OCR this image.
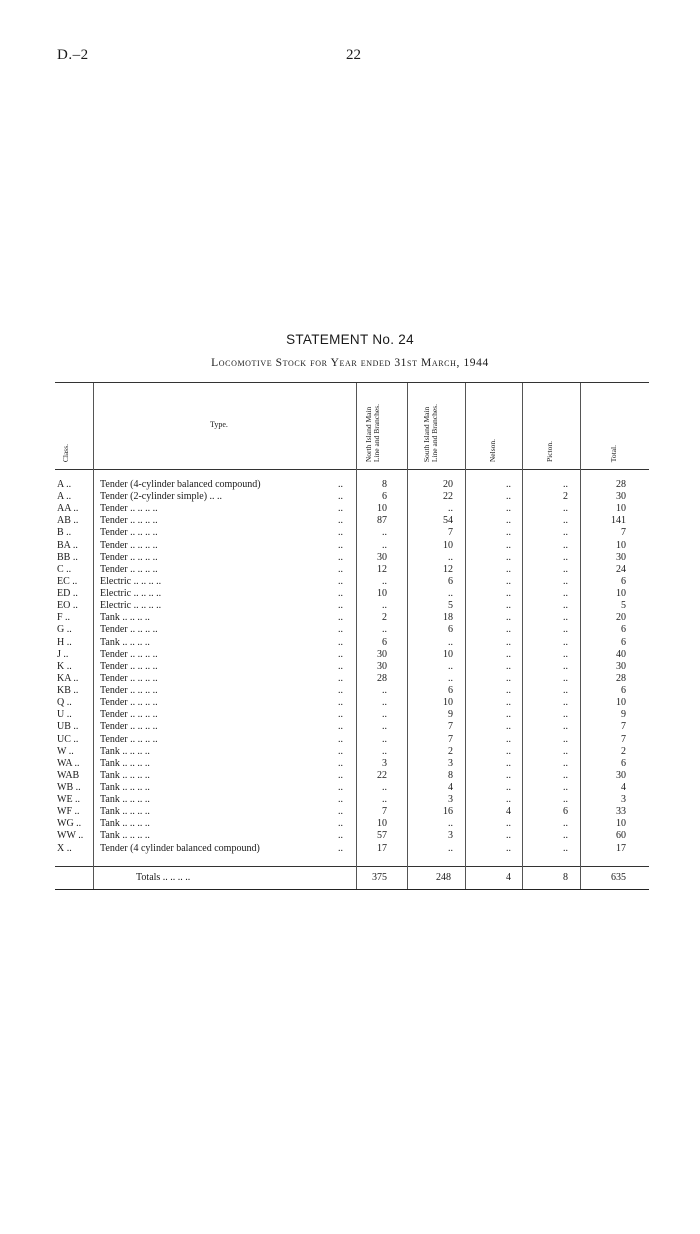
D.–2	22
STATEMENT No. 24
Locomotive Stock for Year ended 31st March, 1944
Class.
Type.
North Island Main
Line and Branches.
South Island Main
Line and Branches.
Nelson.	Picton.	Total.
A ..	Tender (4-cylinder balanced compound)	..	8	20	..	..	28
A ..	Tender (2-cylinder simple) .. ..	..	6	22	..	2	30
AA ..	Tender .. .. .. ..	..	10	..	..	..	10
AB ..	Tender .. .. .. ..	..	87	54	..	..	141
B ..	Tender .. .. .. ..	..	..	7	..	..	7
BA ..	Tender .. .. .. ..	..	..	10	..	..	10
BB ..	Tender .. .. .. ..	..	30	..	..	..	30
C ..	Tender .. .. .. ..	..	12	12	..	..	24
EC ..	Electric .. .. .. ..	..	..	6	..	..	6
ED ..	Electric .. .. .. ..	..	10	..	..	..	10
EO ..	Electric .. .. .. ..	..	..	5	..	..	5
F ..	Tank .. .. .. ..	..	2	18	..	..	20
G ..	Tender .. .. .. ..	..	..	6	..	..	6
H ..	Tank .. .. .. ..	..	6	..	..	..	6
J ..	Tender .. .. .. ..	..	30	10	..	..	40
K ..	Tender .. .. .. ..	..	30	..	..	..	30
KA ..	Tender .. .. .. ..	..	28	..	..	..	28
KB ..	Tender .. .. .. ..	..	..	6	..	..	6
Q ..	Tender .. .. .. ..	..	..	10	..	..	10
U ..	Tender .. .. .. ..	..	..	9	..	..	9
UB ..	Tender .. .. .. ..	..	..	7	..	..	7
UC ..	Tender .. .. .. ..	..	..	7	..	..	7
W ..	Tank .. .. .. ..	..	..	2	..	..	2
WA ..	Tank .. .. .. ..	..	3	3	..	..	6
WAB	Tank .. .. .. ..	..	22	8	..	..	30
WB ..	Tank .. .. .. ..	..	..	4	..	..	4
WE ..	Tank .. .. .. ..	..	..	3	..	..	3
WF ..	Tank .. .. .. ..	..	7	16	4	6	33
WG ..	Tank .. .. .. ..	..	10	..	..	..	10
WW ..	Tank .. .. .. ..	..	57	3	..	..	60
X ..	Tender (4 cylinder balanced compound)	..	17	..	..	..	17
Totals .. .. .. ..	375	248	4	8	635
